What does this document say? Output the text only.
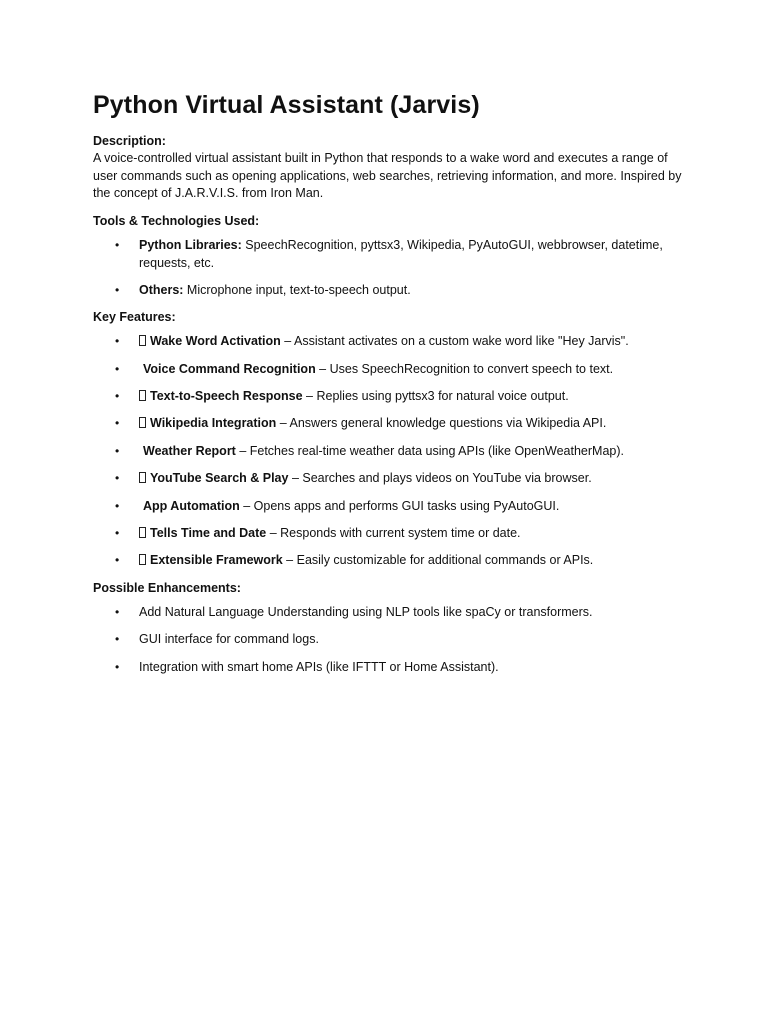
Python Virtual Assistant (Jarvis)

Description:

A voice-controlled virtual assistant built in Python that responds to a wake word and executes a range of user commands such as opening applications, web searches, retrieving information, and more. Inspired by the concept of J.A.R.V.I.S. from Iron Man.

Tools & Technologies Used:

• Python Libraries: SpeechRecognition, pyttsx3, Wikipedia, PyAutoGUI, webbrowser, datetime, requests, etc.
• Others: Microphone input, text-to-speech output.

Key Features:

• Wake Word Activation – Assistant activates on a custom wake word like "Hey Jarvis".
• Voice Command Recognition – Uses SpeechRecognition to convert speech to text.
• Text-to-Speech Response – Replies using pyttsx3 for natural voice output.
• Wikipedia Integration – Answers general knowledge questions via Wikipedia API.
• Weather Report – Fetches real-time weather data using APIs (like OpenWeatherMap).
• YouTube Search & Play – Searches and plays videos on YouTube via browser.
• App Automation – Opens apps and performs GUI tasks using PyAutoGUI.
• Tells Time and Date – Responds with current system time or date.
• Extensible Framework – Easily customizable for additional commands or APIs.

Possible Enhancements:

• Add Natural Language Understanding using NLP tools like spaCy or transformers.
• GUI interface for command logs.
• Integration with smart home APIs (like IFTTT or Home Assistant).
